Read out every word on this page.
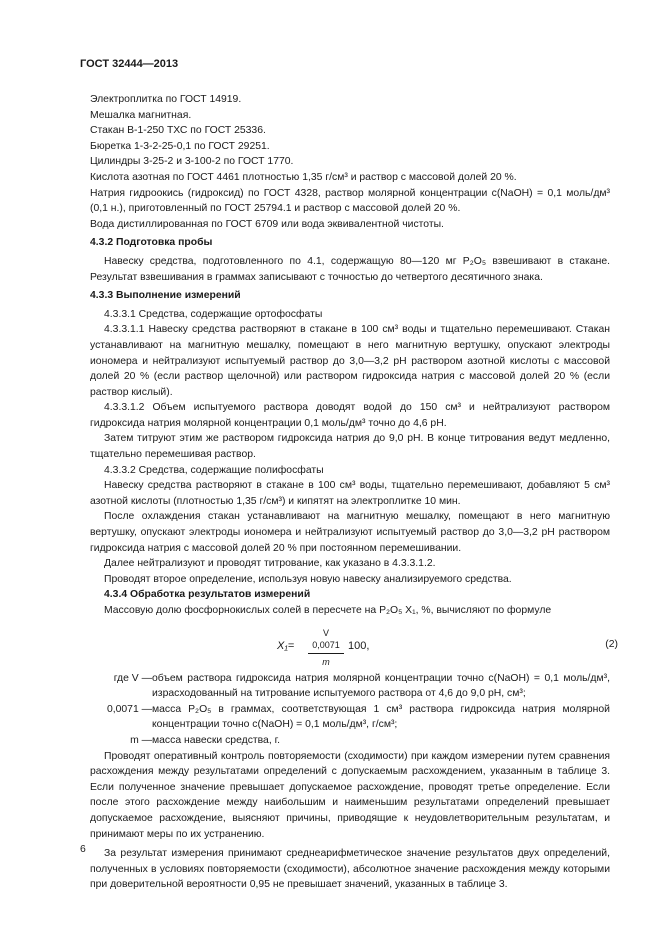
ГОСТ 32444—2013

Электроплитка по ГОСТ 14919.

Мешалка магнитная.

Стакан В-1-250 ТХС по ГОСТ 25336.

Бюретка 1-3-2-25-0,1 по ГОСТ 29251.

Цилиндры 3-25-2 и 3-100-2 по ГОСТ 1770.

Кислота азотная по ГОСТ 4461 плотностью 1,35 г/см³ и раствор с массовой долей 20 %.

Натрия гидроокись (гидроксид) по ГОСТ 4328, раствор молярной концентрации c(NaOH) = 0,1 моль/дм³ (0,1 н.), приготовленный по ГОСТ 25794.1 и раствор с массовой долей 20 %.

Вода дистиллированная по ГОСТ 6709 или вода эквивалентной чистоты.

4.3.2 Подготовка пробы

Навеску средства, подготовленного по 4.1, содержащую 80—120 мг P₂O₅ взвешивают в стакане. Результат взвешивания в граммах записывают с точностью до четвертого десятичного знака.

4.3.3 Выполнение измерений

4.3.3.1 Средства, содержащие ортофосфаты

4.3.3.1.1 Навеску средства растворяют в стакане в 100 см³ воды и тщательно перемешивают. Стакан устанавливают на магнитную мешалку, помещают в него магнитную вертушку, опускают электроды иономера и нейтрализуют испытуемый раствор до 3,0—3,2 рН раствором азотной кислоты с массовой долей 20 % (если раствор щелочной) или раствором гидроксида натрия с массовой долей 20 % (если раствор кислый).

4.3.3.1.2 Объем испытуемого раствора доводят водой до 150 см³ и нейтрализуют раствором гидроксида натрия молярной концентрации 0,1 моль/дм³ точно до 4,6 рН.

Затем титруют этим же раствором гидроксида натрия до 9,0 рН. В конце титрования ведут медленно, тщательно перемешивая раствор.

4.3.3.2 Средства, содержащие полифосфаты

Навеску средства растворяют в стакане в 100 см³ воды, тщательно перемешивают, добавляют 5 см³ азотной кислоты (плотностью 1,35 г/см³) и кипятят на электроплитке 10 мин.

После охлаждения стакан устанавливают на магнитную мешалку, помещают в него магнитную вертушку, опускают электроды иономера и нейтрализуют испытуемый раствор до 3,0—3,2 рН раствором гидроксида натрия с массовой долей 20 % при постоянном перемешивании.

Далее нейтрализуют и проводят титрование, как указано в 4.3.3.1.2.

Проводят второе определение, используя новую навеску анализируемого средства.

4.3.4 Обработка результатов измерений

Массовую долю фосфорнокислых солей в пересчете на P₂O₅ X₁, %, вычисляют по формуле

X₁=
V 0,0071
m
100,	(2)
где V — объем раствора гидроксида натрия молярной концентрации точно c(NaOH) = 0,1 моль/дм³, израсходованный на титрование испытуемого раствора от 4,6 до 9,0 рН, см³;
0,0071 — масса P₂O₅ в граммах, соответствующая 1 см³ раствора гидроксида натрия молярной концентрации точно c(NaOH) = 0,1 моль/дм³, г/см³;
m — масса навески средства, г.

Проводят оперативный контроль повторяемости (сходимости) при каждом измерении путем сравнения расхождения между результатами определений с допускаемым расхождением, указанным в таблице 3. Если полученное значение превышает допускаемое расхождение, проводят третье определение. Если после этого расхождение между наибольшим и наименьшим результатами определений превышает допускаемое расхождение, выясняют причины, приводящие к неудовлетворительным результатам, и принимают меры по их устранению.

За результат измерения принимают среднеарифметическое значение результатов двух определений, полученных в условиях повторяемости (сходимости), абсолютное значение расхождения между которыми при доверительной вероятности 0,95 не превышает значений, указанных в таблице 3.

6
